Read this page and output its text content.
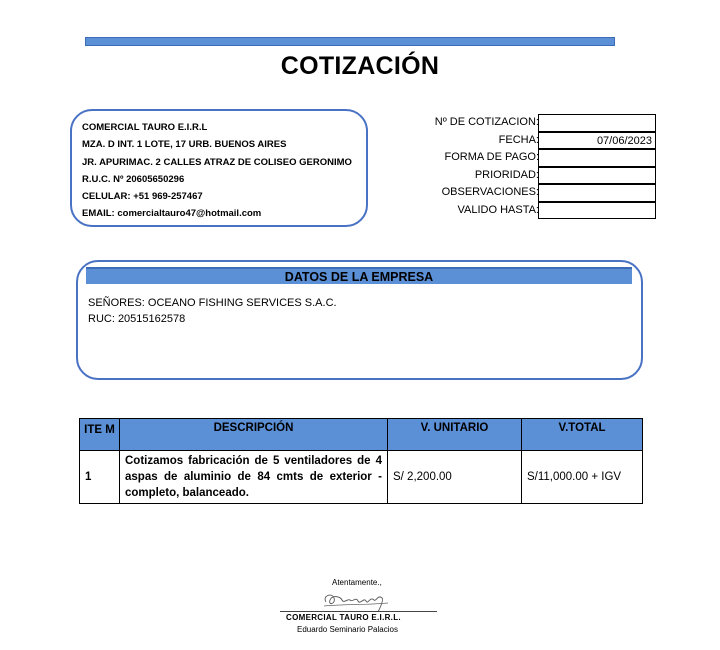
COTIZACIÓN
COMERCIAL TAURO E.I.R.L
MZA. D INT. 1 LOTE, 17 URB. BUENOS AIRES
JR. APURIMAC. 2 CALLES ATRAZ DE COLISEO GERONIMO
R.U.C. Nº 20605650296
CELULAR: +51 969-257467
EMAIL: comercialtauro47@hotmail.com
Nº DE COTIZACION:
FECHA:	07/06/2023
FORMA DE PAGO:
PRIORIDAD:
OBSERVACIONES:
VALIDO HASTA:
DATOS DE LA EMPRESA
SEÑORES: OCEANO FISHING SERVICES S.A.C.
RUC: 20515162578
ITE M	DESCRIPCIÓN	V. UNITARIO	V.TOTAL
1	Cotizamos fabricación de 5 ventiladores de 4 aspas de aluminio de 84 cmts de exterior - completo, balanceado.	S/ 2,200.00	S/11,000.00 + IGV
Atentamente.,
COMERCIAL TAURO E.I.R.L.
Eduardo Seminario Palacios
